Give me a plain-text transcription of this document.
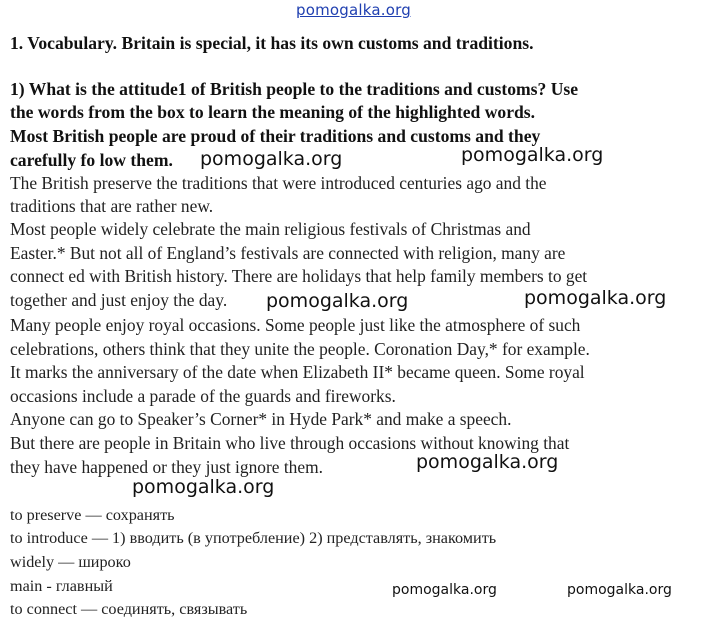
pomogalka.org
1. Vocabulary. Britain is special, it has its own customs and traditions.
1) What is the attitude1 of British people to the traditions and customs? Use
the words from the box to learn the meaning of the highlighted words.
Most British people are proud of their traditions and customs and they
carefully fo low them.
The British preserve the traditions that were introduced centuries ago and the
traditions that are rather new.
Most people widely celebrate the main religious festivals of Christmas and
Easter.* But not all of England’s festivals are connected with religion, many are
connect ed with British history. There are holidays that help family members to get
together and just enjoy the day.
Many people enjoy royal occasions. Some people just like the atmosphere of such
celebrations, others think that they unite the people. Coronation Day,* for example.
It marks the anniversary of the date when Elizabeth II* became queen. Some royal
occasions include a parade of the guards and fireworks.
Anyone can go to Speaker’s Corner* in Hyde Park* and make a speech.
But there are people in Britain who live through occasions without knowing that
they have happened or they just ignore them.
to preserve — сохранять
to introduce — 1) вводить (в употребление) 2) представлять, знакомить
widely — широко
main - главный
to connect — соединять, связывать
pomogalka.org	pomogalka.org
pomogalka.org	pomogalka.org
pomogalka.org
pomogalka.org
pomogalka.org	pomogalka.org
